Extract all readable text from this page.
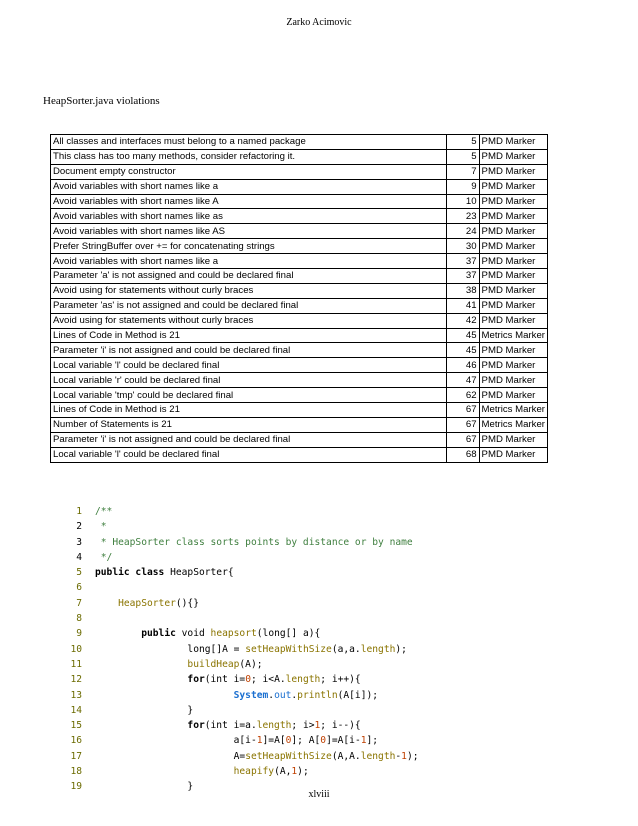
Zarko Acimovic
HeapSorter.java violations
All classes and interfaces must belong to a named package	5	PMD Marker
This class has too many methods, consider refactoring it.	5	PMD Marker
Document empty constructor	7	PMD Marker
Avoid variables with short names like a	9	PMD Marker
Avoid variables with short names like A	10	PMD Marker
Avoid variables with short names like as	23	PMD Marker
Avoid variables with short names like AS	24	PMD Marker
Prefer StringBuffer over += for concatenating strings	30	PMD Marker
Avoid variables with short names like a	37	PMD Marker
Parameter 'a' is not assigned and could be declared final	37	PMD Marker
Avoid using for statements without curly braces	38	PMD Marker
Parameter 'as' is not assigned and could be declared final	41	PMD Marker
Avoid using for statements without curly braces	42	PMD Marker
Lines of Code in Method is 21	45	Metrics Marker
Parameter 'i' is not assigned and could be declared final	45	PMD Marker
Local variable 'l' could be declared final	46	PMD Marker
Local variable 'r' could be declared final	47	PMD Marker
Local variable 'tmp' could be declared final	62	PMD Marker
Lines of Code in Method is 21	67	Metrics Marker
Number of Statements is 21	67	Metrics Marker
Parameter 'i' is not assigned and could be declared final	67	PMD Marker
Local variable 'l' could be declared final	68	PMD Marker
1 /**
2 *
3 * HeapSorter class sorts points by distance or by name
4 */
5 public class HeapSorter{
6
7	HeapSorter(){}
8
9	public void heapsort(long[] a){
10                long[]A = setHeapWithSize(a,a.length);
11	buildHeap(A);
12	for(int i=0; i<A.length; i++){
13	System.out.println(A[i]);
14                }
15	for(int i=a.length; i>1; i--){
16                        a[i-1]=A[0]; A[0]=A[i-1];
17                        A=setHeapWithSize(A,A.length-1);
18	heapify(A,1);
19                }
xlviii
